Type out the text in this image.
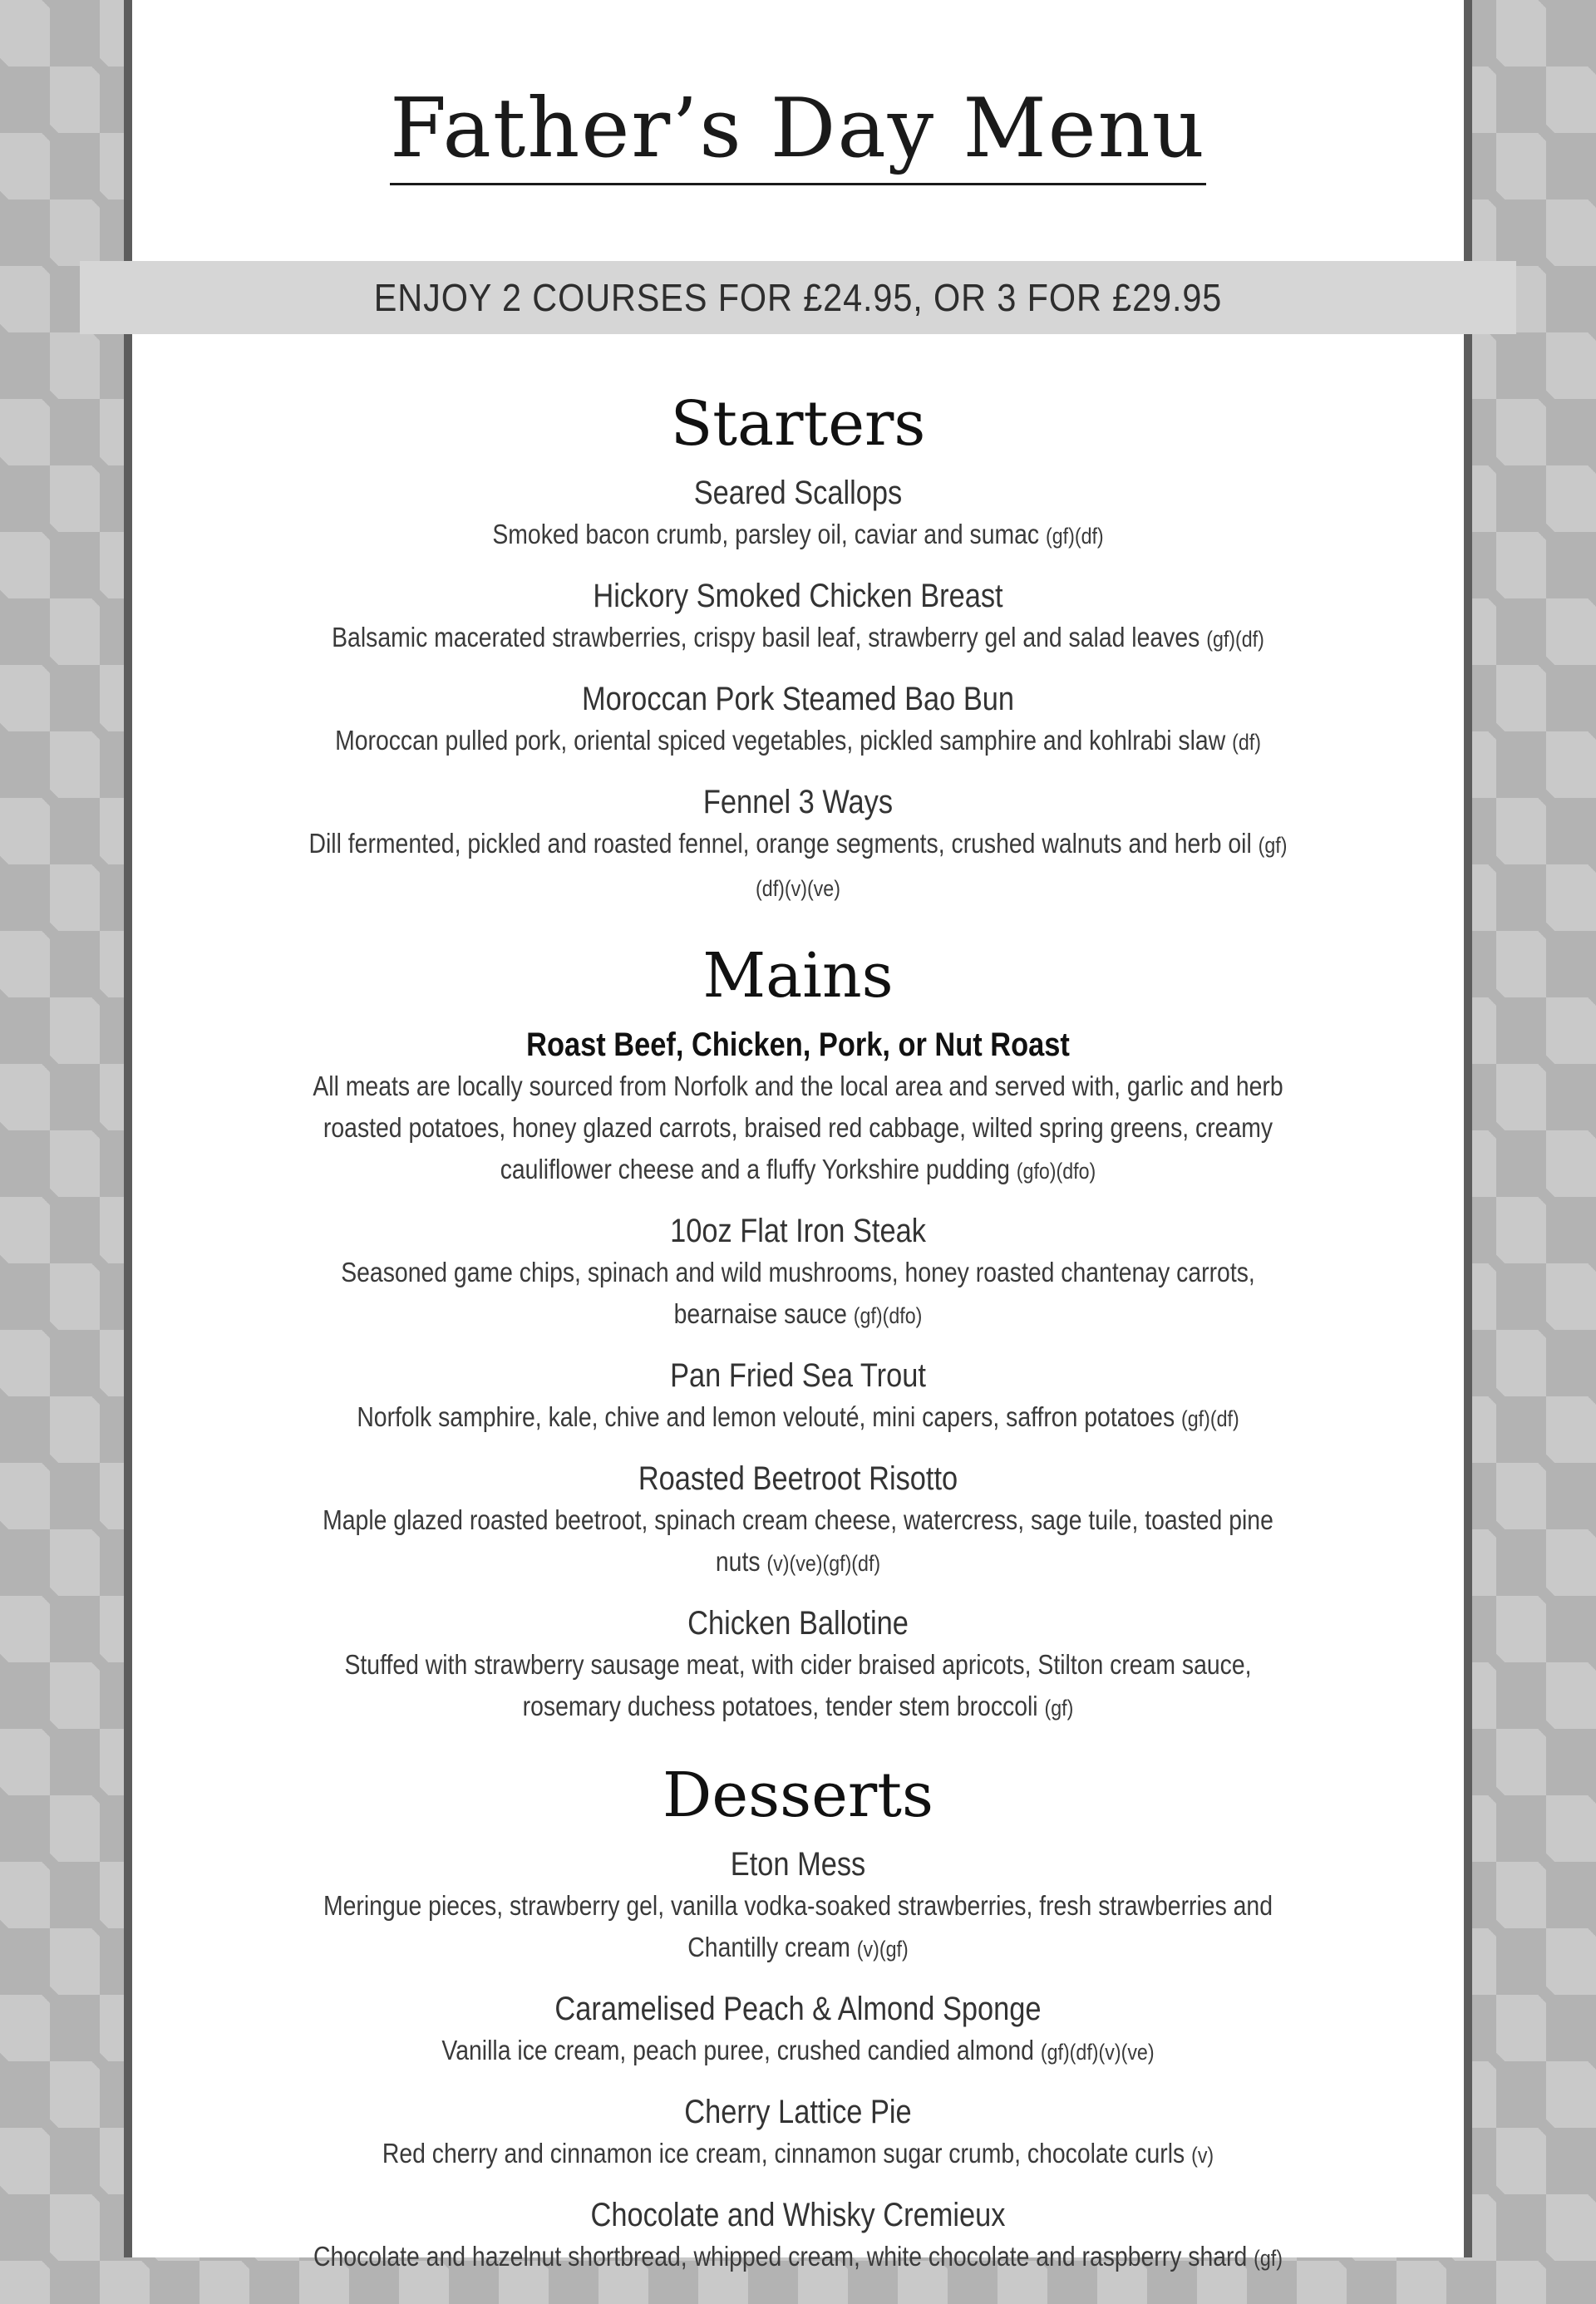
Father’s Day Menu
ENJOY 2 COURSES FOR £24.95, OR 3 FOR £29.95
Starters
Seared Scallops
Smoked bacon crumb, parsley oil, caviar and sumac (gf)(df)
Hickory Smoked Chicken Breast
Balsamic macerated strawberries, crispy basil leaf, strawberry gel and salad leaves (gf)(df)
Moroccan Pork Steamed Bao Bun
Moroccan pulled pork, oriental spiced vegetables, pickled samphire and kohlrabi slaw (df)
Fennel 3 Ways
Dill fermented, pickled and roasted fennel, orange segments, crushed walnuts and herb oil (gf)(df)(v)(ve)
Mains
Roast Beef, Chicken, Pork, or Nut Roast
All meats are locally sourced from Norfolk and the local area and served with, garlic and herb roasted potatoes, honey glazed carrots, braised red cabbage, wilted spring greens, creamy cauliflower cheese and a fluffy Yorkshire pudding (gfo)(dfo)
10oz Flat Iron Steak
Seasoned game chips, spinach and wild mushrooms, honey roasted chantenay carrots, bearnaise sauce (gf)(dfo)
Pan Fried Sea Trout
Norfolk samphire, kale, chive and lemon velouté, mini capers, saffron potatoes (gf)(df)
Roasted Beetroot Risotto
Maple glazed roasted beetroot, spinach cream cheese, watercress, sage tuile, toasted pine nuts (v)(ve)(gf)(df)
Chicken Ballotine
Stuffed with strawberry sausage meat, with cider braised apricots, Stilton cream sauce, rosemary duchess potatoes, tender stem broccoli (gf)
Desserts
Eton Mess
Meringue pieces, strawberry gel, vanilla vodka-soaked strawberries, fresh strawberries and Chantilly cream (v)(gf)
Caramelised Peach & Almond Sponge
Vanilla ice cream, peach puree, crushed candied almond (gf)(df)(v)(ve)
Cherry Lattice Pie
Red cherry and cinnamon ice cream, cinnamon sugar crumb, chocolate curls (v)
Chocolate and Whisky Cremieux
Chocolate and hazelnut shortbread, whipped cream, white chocolate and raspberry shard (gf)
